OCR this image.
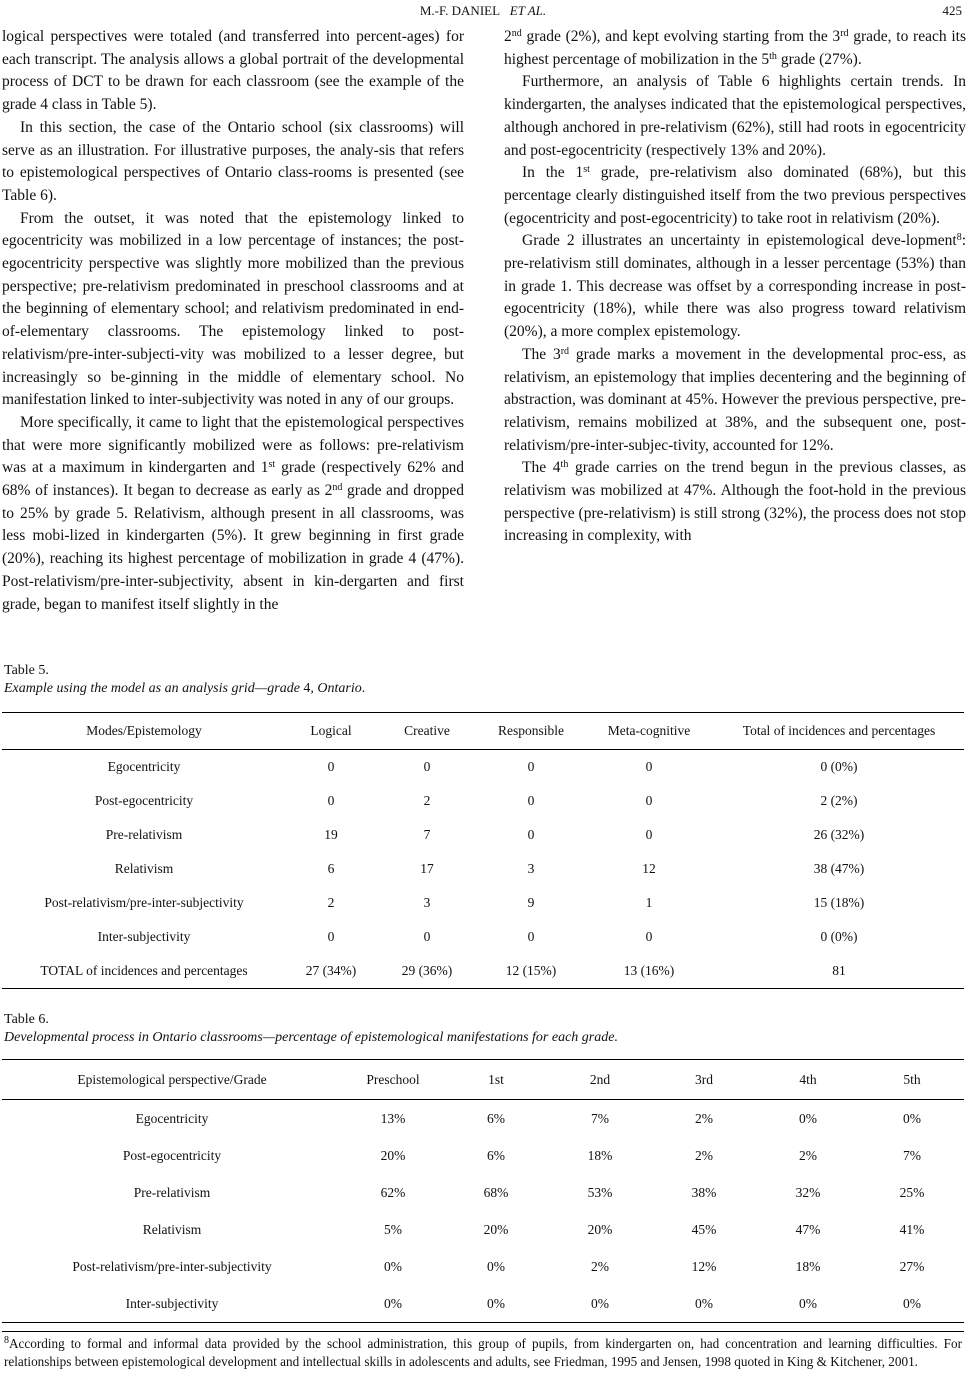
M.-F. DANIEL ET AL.	425

logical perspectives were totaled (and transferred into percent-ages) for each transcript. The analysis allows a global portrait of the developmental process of DCT to be drawn for each classroom (see the example of the grade 4 class in Table 5).

In this section, the case of the Ontario school (six classrooms) will serve as an illustration. For illustrative purposes, the analy-sis that refers to epistemological perspectives of Ontario class-rooms is presented (see Table 6).

From the outset, it was noted that the epistemology linked to egocentricity was mobilized in a low percentage of instances; the post-egocentricity perspective was slightly more mobilized than the previous perspective; pre-relativism predominated in preschool classrooms and at the beginning of elementary school; and relativism predominated in end-of-elementary classrooms. The epistemology linked to post-relativism/pre-inter-subjecti-vity was mobilized to a lesser degree, but increasingly so be-ginning in the middle of elementary school. No manifestation linked to inter-subjectivity was noted in any of our groups.

More specifically, it came to light that the epistemological perspectives that were more significantly mobilized were as follows: pre-relativism was at a maximum in kindergarten and 1st grade (respectively 62% and 68% of instances). It began to decrease as early as 2nd grade and dropped to 25% by grade 5. Relativism, although present in all classrooms, was less mobi-lized in kindergarten (5%). It grew beginning in first grade (20%), reaching its highest percentage of mobilization in grade 4 (47%). Post-relativism/pre-inter-subjectivity, absent in kin-dergarten and first grade, began to manifest itself slightly in the

2nd grade (2%), and kept evolving starting from the 3rd grade, to reach its highest percentage of mobilization in the 5th grade (27%).

Furthermore, an analysis of Table 6 highlights certain trends. In kindergarten, the analyses indicated that the epistemological perspectives, although anchored in pre-relativism (62%), still had roots in egocentricity and post-egocentricity (respectively 13% and 20%).

In the 1st grade, pre-relativism also dominated (68%), but this percentage clearly distinguished itself from the two previous perspectives (egocentricity and post-egocentricity) to take root in relativism (20%).

Grade 2 illustrates an uncertainty in epistemological deve-lopment$^8$: pre-relativism still dominates, although in a lesser percentage (53%) than in grade 1. This decrease was offset by a corresponding increase in post-egocentricity (18%), while there was also progress toward relativism (20%), a more complex epistemology.

The 3rd grade marks a movement in the developmental proc-ess, as relativism, an epistemology that implies decentering and the beginning of abstraction, was dominant at 45%. However the previous perspective, pre-relativism, remains mobilized at 38%, and the subsequent one, post-relativism/pre-inter-subjec-tivity, accounted for 12%.

The 4th grade carries on the trend begun in the previous classes, as relativism was mobilized at 47%. Although the foot-hold in the previous perspective (pre-relativism) is still strong (32%), the process does not stop increasing in complexity, with

Table 5.
Example using the model as an analysis grid—grade 4, Ontario.
Modes/Epistemology	Logical	Creative	Responsible	Meta-cognitive	Total of incidences and percentages
Egocentricity	0	0	0	0	0 (0%)
Post-egocentricity	0	2	0	0	2 (2%)
Pre-relativism	19	7	0	0	26 (32%)
Relativism	6	17	3	12	38 (47%)
Post-relativism/pre-inter-subjectivity	2	3	9	1	15 (18%)
Inter-subjectivity	0	0	0	0	0 (0%)
TOTAL of incidences and percentages	27 (34%)	29 (36%)	12 (15%)	13 (16%)	81
Table 6.
Developmental process in Ontario classrooms—percentage of epistemological manifestations for each grade.
Epistemological perspective/Grade	Preschool	1st	2nd	3rd	4th	5th
Egocentricity	13%	6%	7%	2%	0%	0%
Post-egocentricity	20%	6%	18%	2%	2%	7%
Pre-relativism	62%	68%	53%	38%	32%	25%
Relativism	5%	20%	20%	45%	47%	41%
Post-relativism/pre-inter-subjectivity	0%	0%	2%	12%	18%	27%
Inter-subjectivity	0%	0%	0%	0%	0%	0%
$^8$According to formal and informal data provided by the school administration, this group of pupils, from kindergarten on, had concentration and learning difficulties. For relationships between epistemological development and intellectual skills in adolescents and adults, see Friedman, 1995 and Jensen, 1998 quoted in King & Kitchener, 2001.
